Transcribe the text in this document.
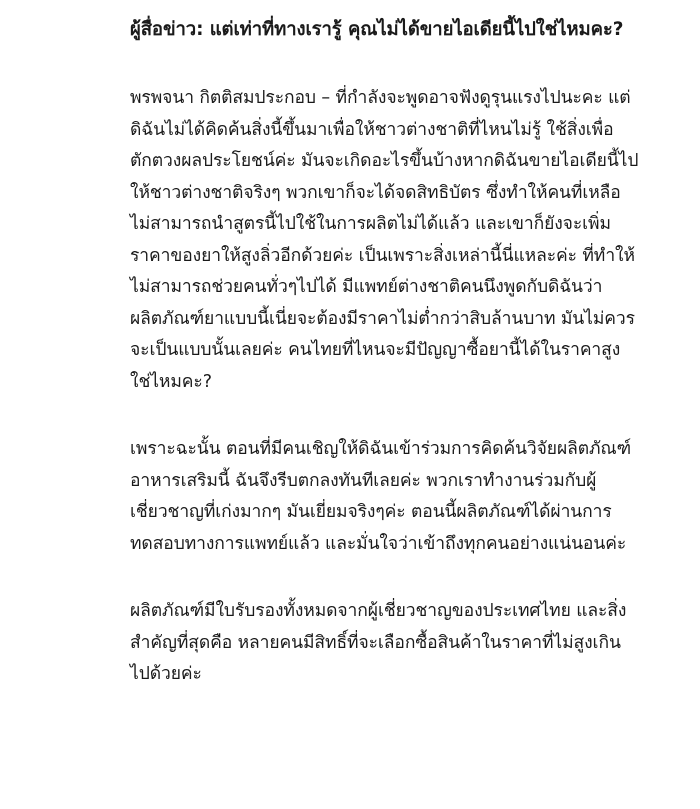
ผู้สื่อข่าว: แต่เท่าที่ทางเรารู้ คุณไม่ได้ขายไอเดียนี้ไปใช่ไหมคะ?

พรพจนา กิตติสมประกอบ – ที่กำลังจะพูดอาจฟังดูรุนแรงไปนะคะ แต่ดิฉันไม่ได้คิดค้นสิ่งนี้ขึ้นมาเพื่อให้ชาวต่างชาติที่ไหนไม่รู้ ใช้สิ่งเพื่อตักตวงผลประโยชน์ค่ะ มันจะเกิดอะไรขึ้นบ้างหากดิฉันขายไอเดียนี้ไปให้ชาวต่างชาติจริงๆ พวกเขาก็จะได้จดสิทธิบัตร ซึ่งทำให้คนที่เหลือไม่สามารถนำสูตรนี้ไปใช้ในการผลิตไม่ได้แล้ว และเขาก็ยังจะเพิ่มราคาของยาให้สูงลิ่วอีกด้วยค่ะ เป็นเพราะสิ่งเหล่านี้นี่แหละค่ะ ที่ทำให้ไม่สามารถช่วยคนทั่วๆไปได้ มีแพทย์ต่างชาติคนนึงพูดกับดิฉันว่า ผลิตภัณฑ์ยาแบบนี้เนี่ยจะต้องมีราคาไม่ต่ำกว่าสิบล้านบาท มันไม่ควรจะเป็นแบบนั้นเลยค่ะ คนไทยที่ไหนจะมีปัญญาซื้อยานี้ได้ในราคาสูงใช่ไหมคะ?

เพราะฉะนั้น ตอนที่มีคนเชิญให้ดิฉันเข้าร่วมการคิดค้นวิจัยผลิตภัณฑ์อาหารเสริมนี้ ฉันจึงรีบตกลงทันทีเลยค่ะ พวกเราทำงานร่วมกับผู้เชี่ยวชาญที่เก่งมากๆ มันเยี่ยมจริงๆค่ะ ตอนนี้ผลิตภัณฑ์ได้ผ่านการทดสอบทางการแพทย์แล้ว และมั่นใจว่าเข้าถึงทุกคนอย่างแน่นอนค่ะ

ผลิตภัณฑ์มีใบรับรองทั้งหมดจากผู้เชี่ยวชาญของประเทศไทย และสิ่งสำคัญที่สุดคือ หลายคนมีสิทธิ์ที่จะเลือกซื้อสินค้าในราคาที่ไม่สูงเกินไปด้วยค่ะ
